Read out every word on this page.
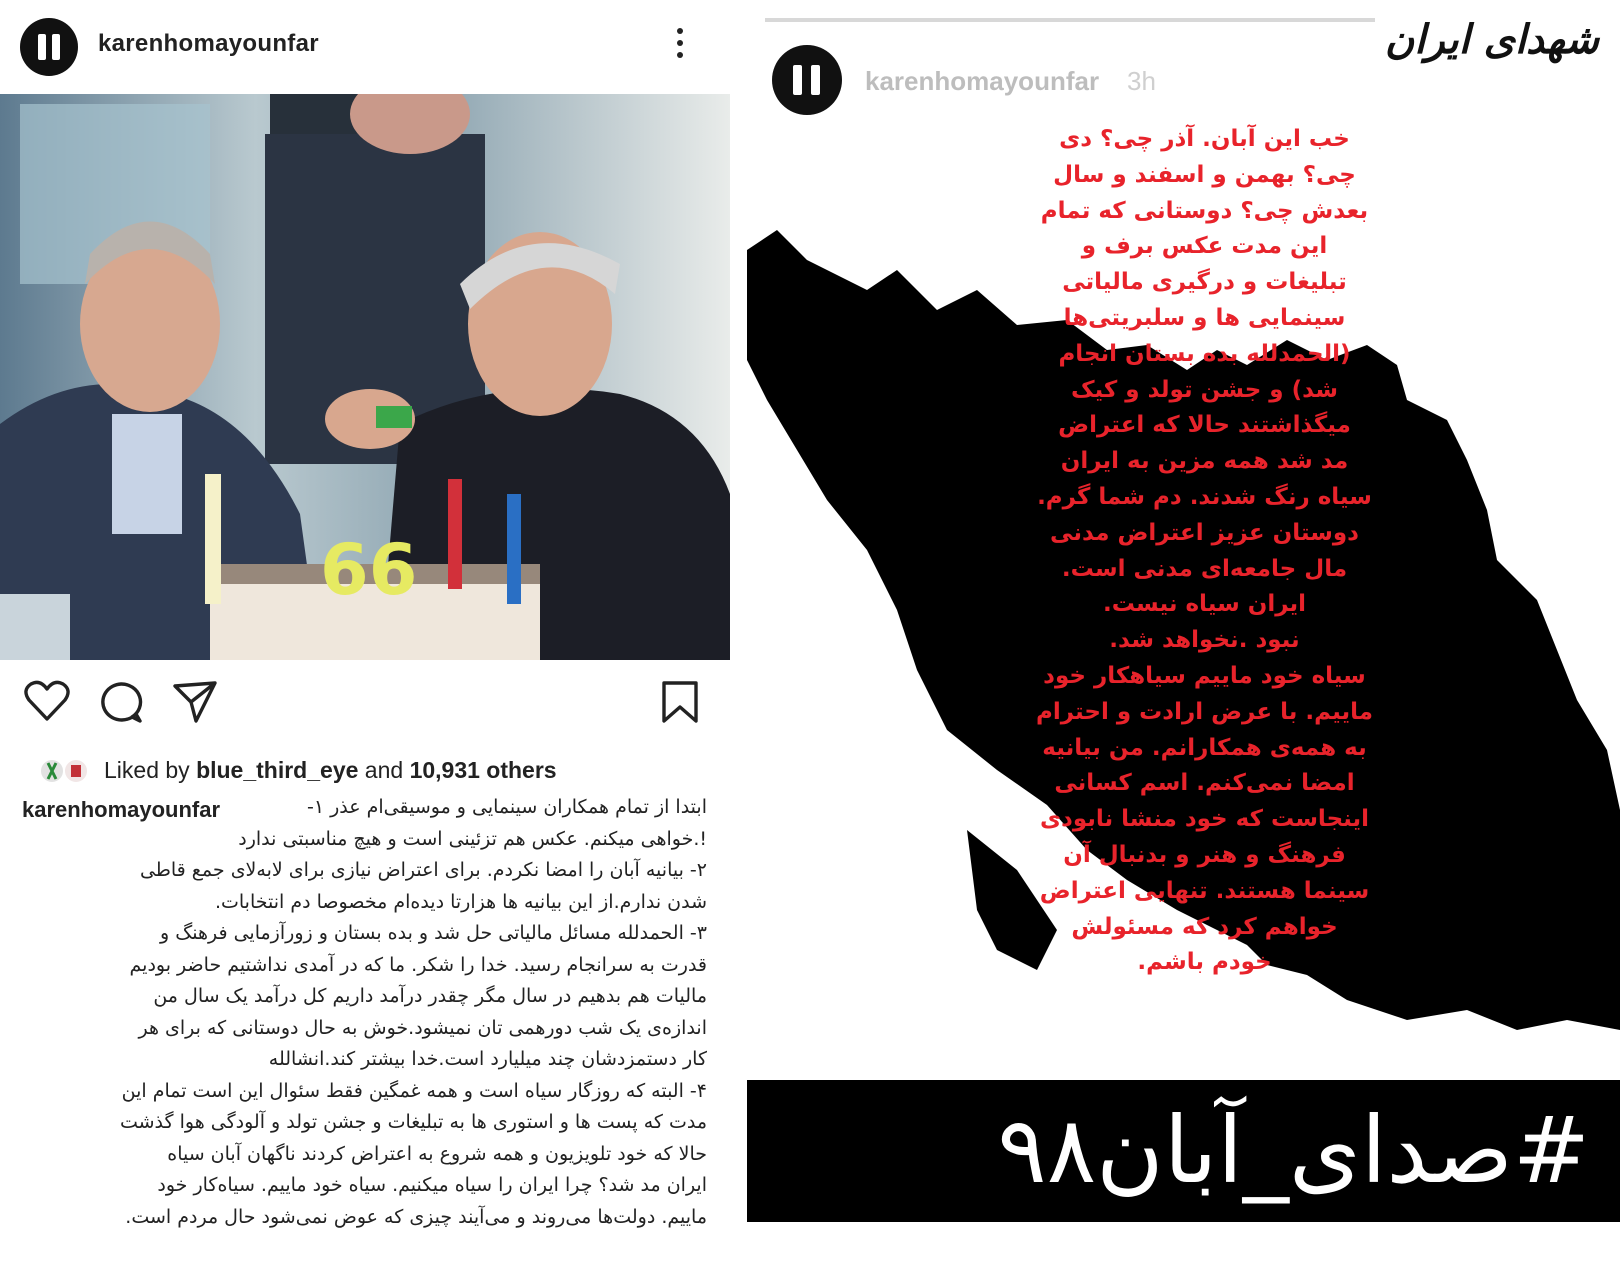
karenhomayounfar
66
Liked by blue_third_eye and 10,931 others
karenhomayounfar	ابتدا از تمام همکاران سینمایی و موسیقی‌ام عذر ۱-
!.خواهی میکنم. عکس هم تزئینی است و هیچ مناسبتی ندارد
۲- بیانیه آبان را امضا نکردم. برای اعتراض نیازی برای لابه‌لای جمع قاطی
شدن ندارم.از این بیانیه ها هزارتا دیده‌ام مخصوصا دم انتخابات.
۳- الحمدلله مسائل مالیاتی حل شد و بده بستان و زورآزمایی فرهنگ و
قدرت به سرانجام رسید. خدا را شکر. ما که در آمدی نداشتیم حاضر بودیم
مالیات هم بدهیم در سال مگر چقدر درآمد داریم کل درآمد یک سال من
اندازه‌ی یک شب دورهمی تان نمیشود.خوش به حال دوستانی که برای هر
کار دستمزدشان چند میلیارد است.خدا بیشتر کند.انشالله
۴- البته که روزگار سیاه است و همه غمگین فقط سئوال این است تمام این
مدت که پست ها و استوری ها به تبلیغات و جشن تولد و آلودگی هوا گذشت
حالا که خود تلویزیون و همه شروع به اعتراض کردند ناگهان آبان سیاه
ایران مد شد؟ چرا ایران را سیاه میکنیم. سیاه خود ماییم. سیاه‌کار خود
ماییم. دولت‌ها می‌روند و می‌آیند چیزی که عوض نمی‌شود حال مردم است.
karenhomayounfar 3h
خب این آبان. آذر چی؟ دی
چی؟ بهمن و اسفند و سال
بعدش چی؟ دوستانی که تمام
این مدت عکس برف و
تبلیغات و درگیری مالیاتی
سینمایی ها و سلبریتی‌ها
(الحمدلله بده بستان انجام
شد) و جشن تولد و کیک
میگذاشتند حالا که اعتراض
مد شد همه مزین به ایران
سیاه رنگ شدند. دم شما گرم.
دوستان عزیز اعتراض مدنی
مال جامعه‌ای مدنی است.
ایران سیاه نیست.
نبود .نخواهد شد.
سیاه خود ماییم سیاهکار خود
ماییم. با عرض ارادت و احترام
به همه‌ی همکارانم. من بیانیه
امضا نمی‌کنم. اسم کسانی
اینجاست که خود منشا نابودی
فرهنگ و هنر و بدنبال آن
سینما هستند. تنهایی اعتراض
خواهم کرد که مسئولش
خودم باشم.
شهدای ایران
#صدای_آبان۹۸
